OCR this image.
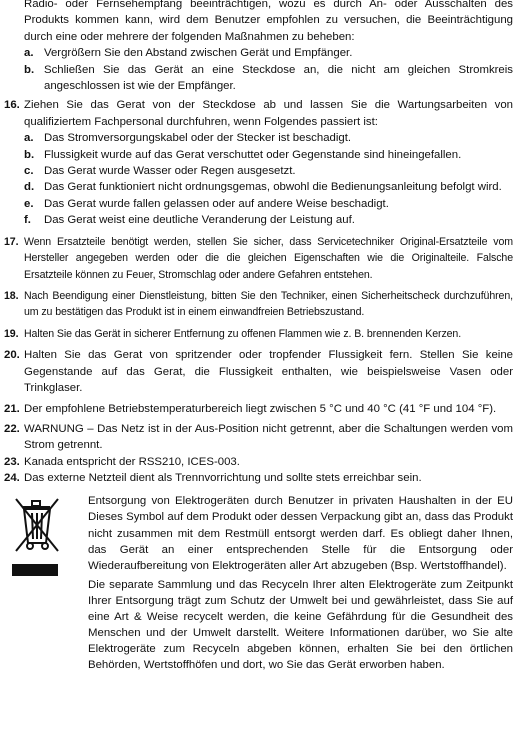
Radio- oder Fernsehempfang beeinträchtigen, wozu es durch An- oder Ausschalten des Produkts kommen kann, wird dem Benutzer empfohlen zu versuchen, die Beeinträchtigung durch eine oder mehrere der folgenden Maßnahmen zu beheben:

a. Vergrößern Sie den Abstand zwischen Gerät und Empfänger.
b. Schließen Sie das Gerät an eine Steckdose an, die nicht am gleichen Stromkreis angeschlossen ist wie der Empfänger.
16. Ziehen Sie das Gerat von der Steckdose ab und lassen Sie die Wartungsarbeiten von qualifiziertem Fachpersonal durchfuhren, wenn Folgendes passiert ist:
a. Das Stromversorgungskabel oder der Stecker ist beschadigt.
b. Flussigkeit wurde auf das Gerat verschuttet oder Gegenstande sind hineingefallen.
c. Das Gerat wurde Wasser oder Regen ausgesetzt.
d. Das Gerat funktioniert nicht ordnungsgemas, obwohl die Bedienungsanleitung befolgt wird.
e. Das Gerat wurde fallen gelassen oder auf andere Weise beschadigt.
f.	Das Gerat weist eine deutliche Veranderung der Leistung auf.
17. Wenn Ersatzteile benötigt werden, stellen Sie sicher, dass Servicetechniker Original-Ersatzteile vom Hersteller angegeben werden oder die die gleichen Eigenschaften wie die Originalteile. Falsche Ersatzteile können zu Feuer, Stromschlag oder andere Gefahren entstehen.
18. Nach Beendigung einer Dienstleistung, bitten Sie den Techniker, einen Sicherheitscheck durchzuführen, um zu bestätigen das Produkt ist in einem einwandfreien Betriebszustand.
19. Halten Sie das Gerät in sicherer Entfernung zu offenen Flammen wie z. B. brennenden Kerzen.
20. Halten Sie das Gerat von spritzender oder tropfender Flussigkeit fern. Stellen Sie keine Gegenstande auf das Gerat, die Flussigkeit enthalten, wie beispielsweise Vasen oder Trinkglaser.
21. Der empfohlene Betriebstemperaturbereich liegt zwischen 5 °C und 40 °C (41 °F und 104 °F).
22. WARNUNG – Das Netz ist in der Aus-Position nicht getrennt, aber die Schaltungen werden vom Strom getrennt.
23. Kanada entspricht der RSS210, ICES-003.
24. Das externe Netzteil dient als Trennvorrichtung und sollte stets erreichbar sein.

Entsorgung von Elektrogeräten durch Benutzer in privaten Haushalten in der EU Dieses Symbol auf dem Produkt oder dessen Verpackung gibt an, dass das Produkt nicht zusammen mit dem Restmüll entsorgt werden darf. Es obliegt daher Ihnen, das Gerät an einer entsprechenden Stelle für die Entsorgung oder Wiederaufbereitung von Elektrogeräten aller Art abzugeben (Bsp. Wertstoffhandel).

Die separate Sammlung und das Recyceln Ihrer alten Elektrogeräte zum Zeitpunkt Ihrer Entsorgung trägt zum Schutz der Umwelt bei und gewährleistet, dass Sie auf eine Art & Weise recycelt werden, die keine Gefährdung für die Gesundheit des Menschen und der Umwelt darstellt. Weitere Informationen darüber, wo Sie alte Elektrogeräte zum Recyceln abgeben können, erhalten Sie bei den örtlichen Behörden, Wertstoffhöfen und dort, wo Sie das Gerät erworben haben.
